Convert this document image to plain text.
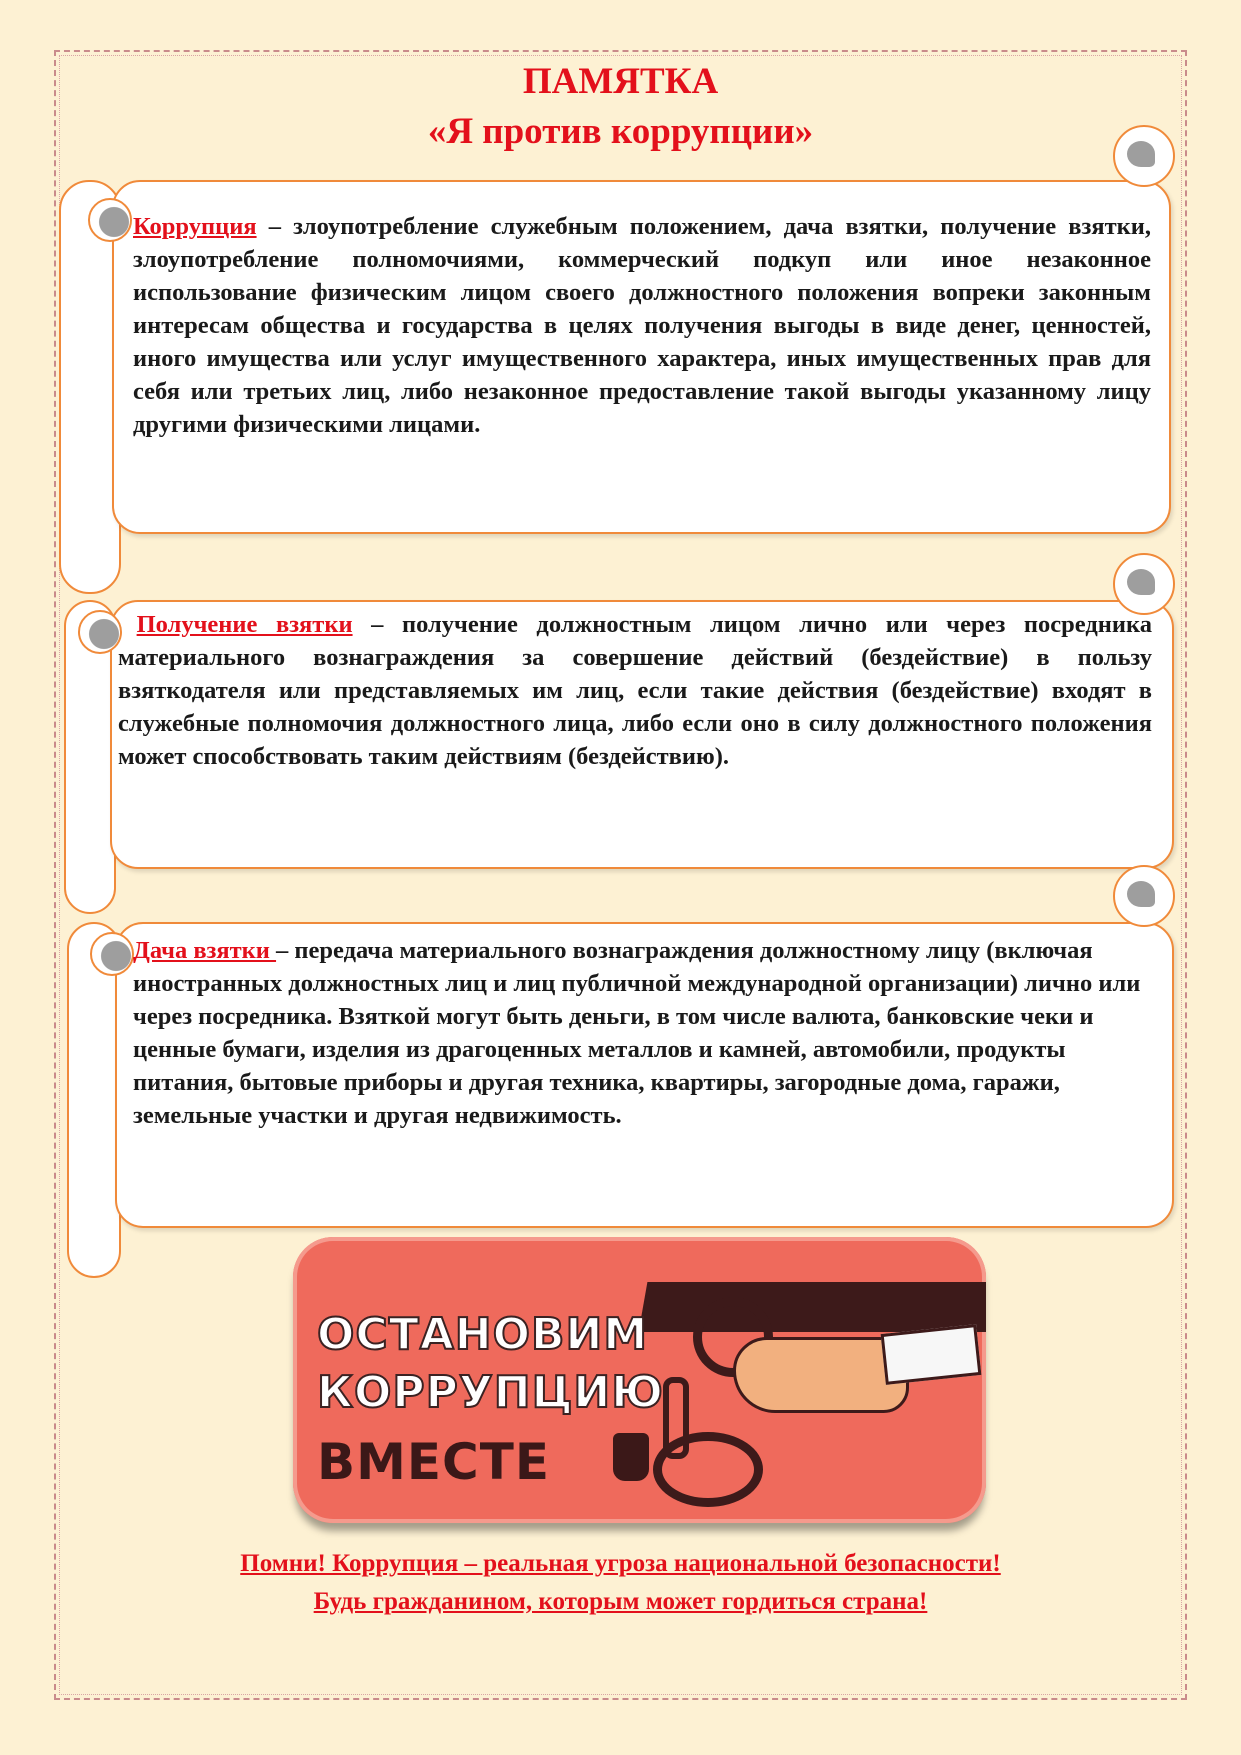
ПАМЯТКА
«Я против коррупции»
Коррупция – злоупотребление служебным положением, дача взятки, получение взятки, злоупотребление полномочиями, коммерческий подкуп или иное незаконное использование физическим лицом своего должностного положения вопреки законным интересам общества и государства в целях получения выгоды в виде денег, ценностей, иного имущества или услуг имущественного характера, иных имущественных прав для себя или третьих лиц, либо незаконное предоставление такой выгоды указанному лицу другими физическими лицами.
Получение взятки – получение должностным лицом лично или через посредника материального вознаграждения за совершение действий (бездействие) в пользу взяткодателя или представляемых им лиц, если такие действия (бездействие) входят в служебные полномочия должностного лица, либо если оно в силу должностного положения может способствовать таким действиям (бездействию).
Дача взятки – передача материального вознаграждения должностному лицу (включая иностранных должностных лиц и лиц публичной международной организации) лично или через посредника. Взяткой могут быть деньги, в том числе валюта, банковские чеки и ценные бумаги, изделия из драгоценных металлов и камней, автомобили, продукты питания, бытовые приборы и другая техника, квартиры, загородные дома, гаражи, земельные участки и другая недвижимость.
ОСТАНОВИМ
КОРРУПЦИЮ
ВМЕСТЕ
Помни! Коррупция – реальная угроза национальной безопасности!
Будь гражданином, которым может гордиться страна!
